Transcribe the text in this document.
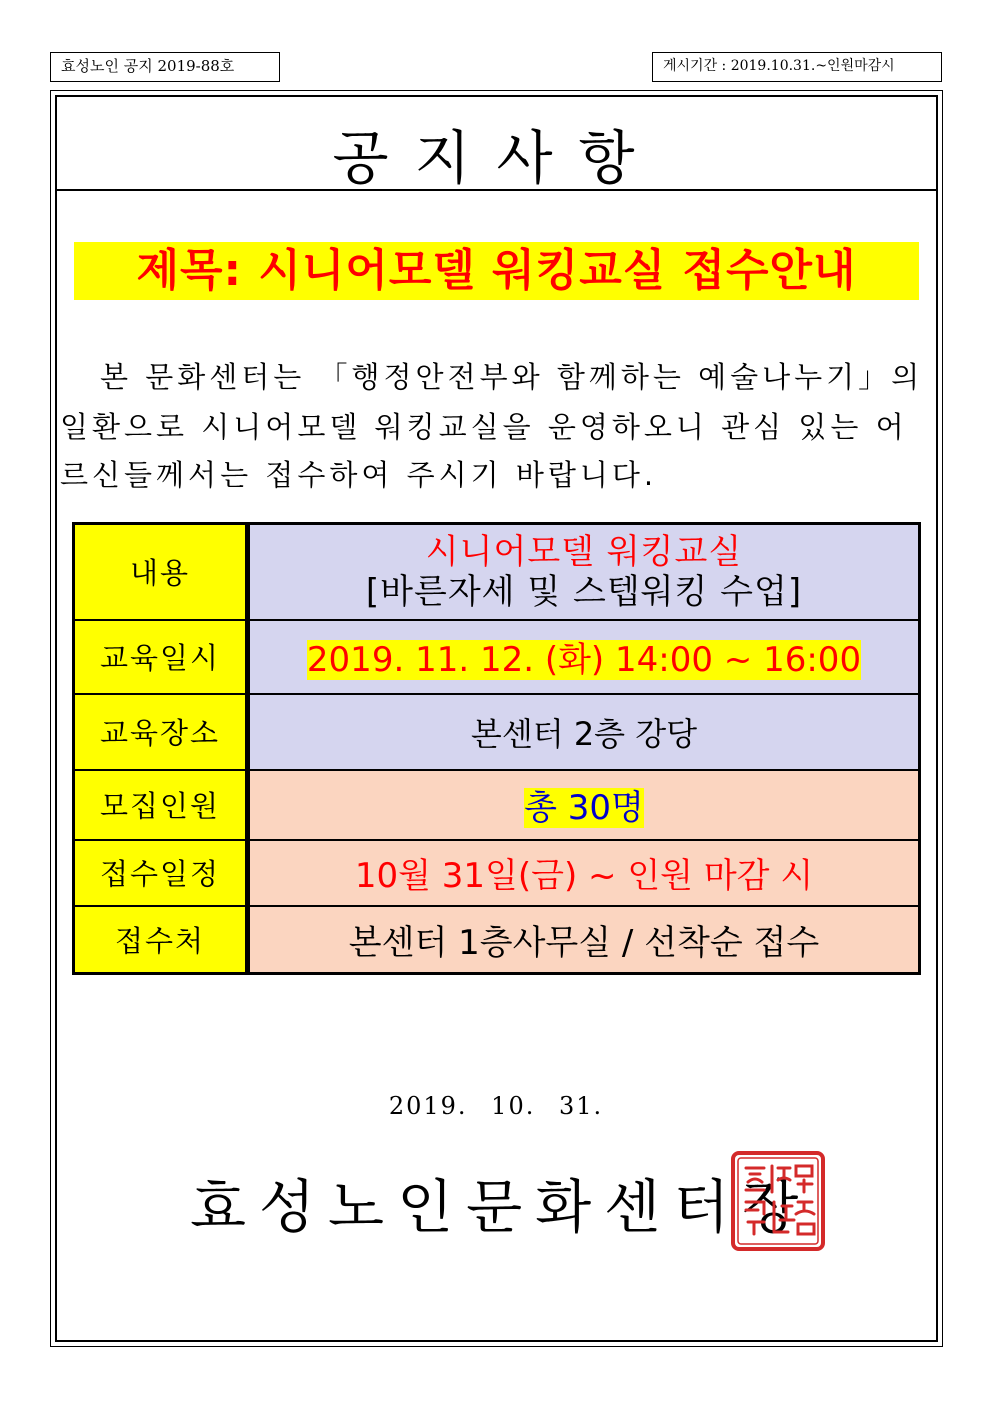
효성노인 공지 2019-88호	게시기간 : 2019.10.31.~인원마감시
공지사항
제목: 시니어모델 워킹교실 접수안내
본 문화센터는 「행정안전부와 함께하는 예술나누기」의
일환으로 시니어모델 워킹교실을 운영하오니 관심 있는 어
르신들께서는 접수하여 주시기 바랍니다.
내용	시니어모델 워킹교실
[바른자세 및 스텝워킹 수업]

교육일시	2019. 11. 12. (화) 14:00 ~ 16:00
교육장소	본센터 2층 강당
모집인원	총 30명
접수일정	10월 31일(금) ~ 인원 마감 시
접수처	본센터 1층사무실 / 선착순 접수
2019. 10. 31.
효성노인문화센터장
